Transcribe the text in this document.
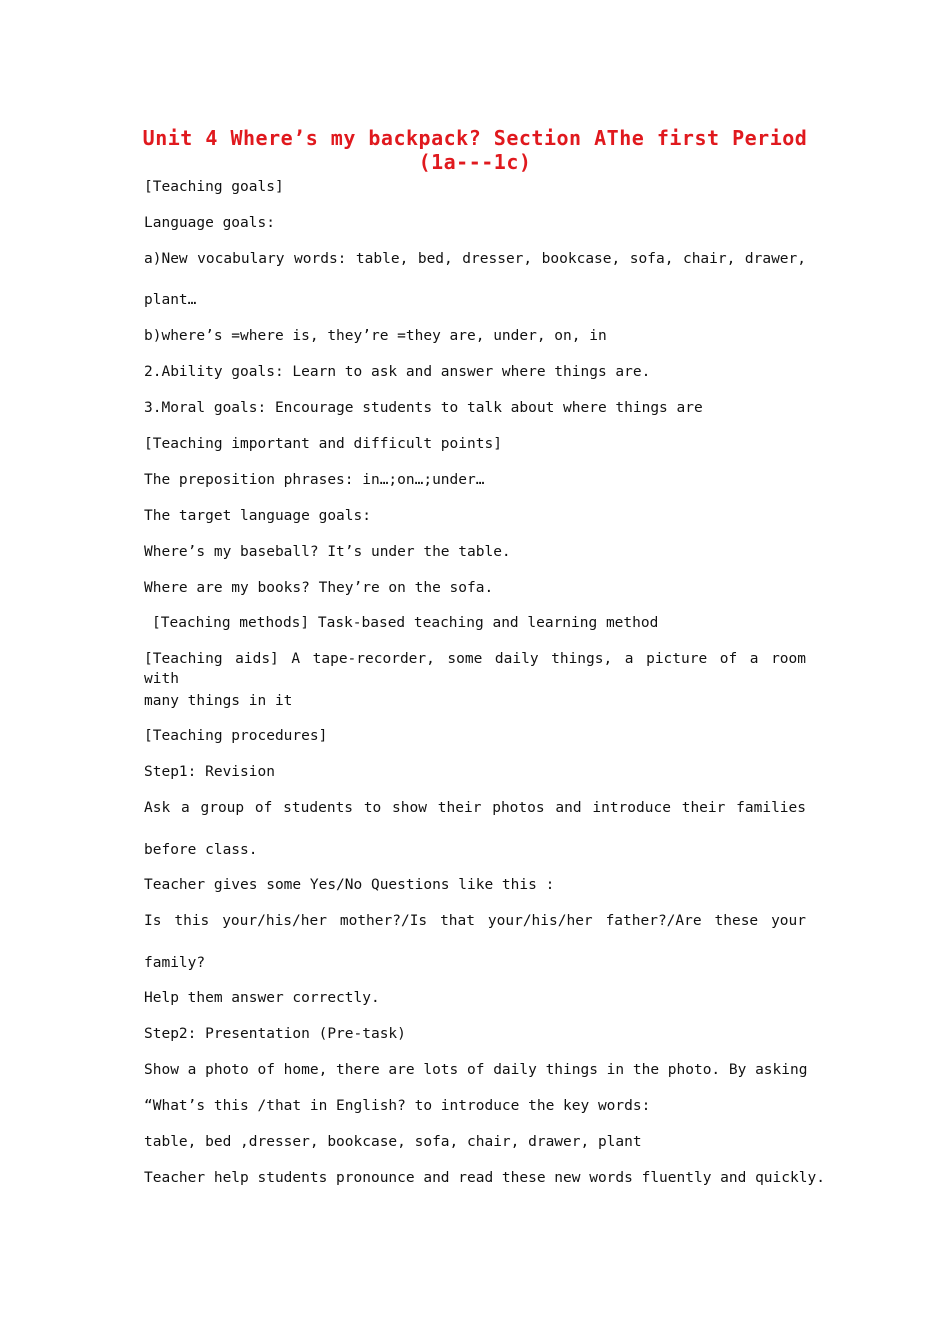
Unit 4 Where’s my backpack? Section AThe first Period
(1a---1c)
[Teaching goals]
Language goals:
a)New vocabulary words: table, bed, dresser, bookcase, sofa, chair, drawer,
plant…
b)where’s =where is, they’re =they are, under, on, in
2.Ability goals: Learn to ask and answer where things are.
3.Moral goals: Encourage students to talk about where things are
[Teaching important and difficult points]
The preposition phrases: in…;on…;under…
The target language goals:
Where’s my baseball? It’s under the table.
Where are my books? They’re on the sofa.
[Teaching methods] Task-based teaching and learning method
[Teaching aids] A tape-recorder, some daily things, a picture of a room with
many things in it
[Teaching procedures]
Step1: Revision
Ask a group of students to show their photos and introduce their families
before class.
Teacher gives some Yes/No Questions like this :
Is this your/his/her mother?/Is that your/his/her father?/Are these your
family?
Help them answer correctly.
Step2: Presentation (Pre-task)
Show a photo of home, there are lots of daily things in the photo. By asking
“What’s this /that in English? to introduce the key words:
table, bed ,dresser, bookcase, sofa, chair, drawer, plant
Teacher help students pronounce and read these new words fluently and quickly.
